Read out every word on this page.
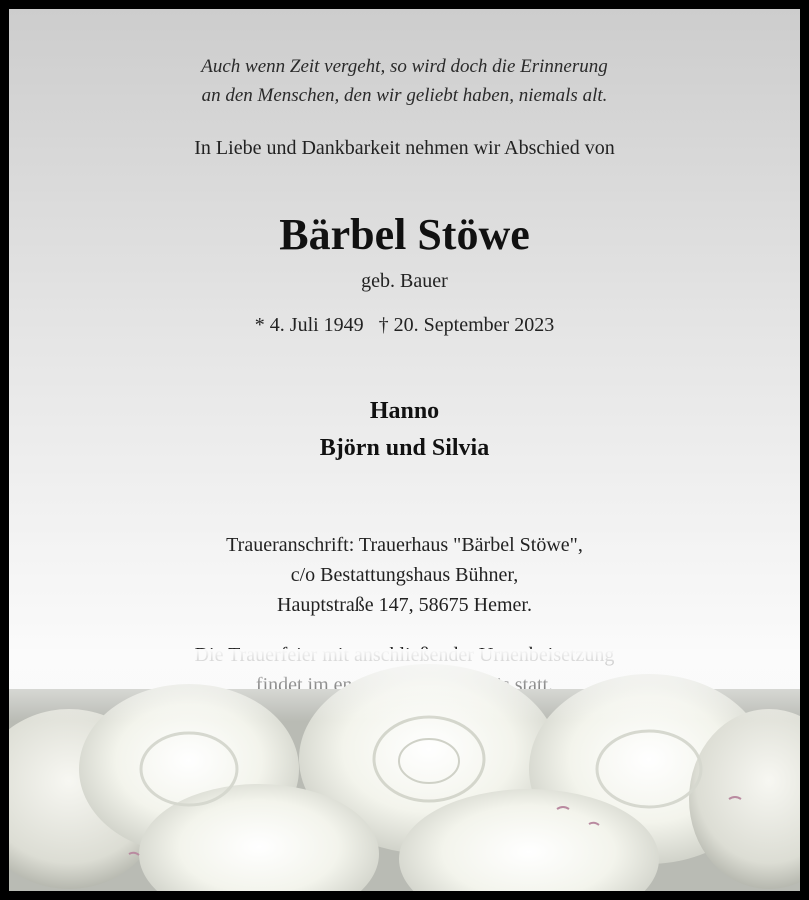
Auch wenn Zeit vergeht, so wird doch die Erinnerung
an den Menschen, den wir geliebt haben, niemals alt.
In Liebe und Dankbarkeit nehmen wir Abschied von
Bärbel Stöwe
geb. Bauer
* 4. Juli 1949   † 20. September 2023
Hanno
Björn und Silvia
Traueranschrift: Trauerhaus "Bärbel Stöwe",
c/o Bestattungshaus Bühner,
Hauptstraße 147, 58675 Hemer.
